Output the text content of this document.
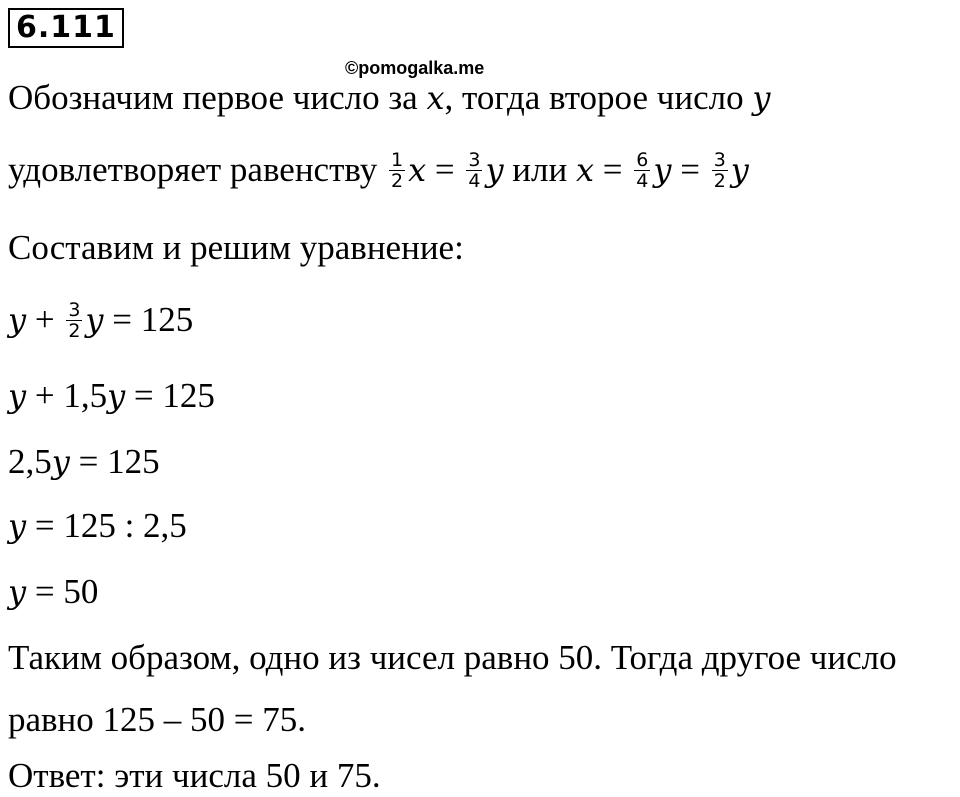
6.111
©pomogalka.me
Обозначим первое число за x, тогда второе число y
удовлетворяет равенству $\frac{1}{2}$ $x = \frac{3}{4}$ y или $x = \frac{6}{4}$ $y = \frac{3}{2}$ y
Составим и решим уравнение:
$y + \frac{3}{2}$ y = 125
y + 1,5y = 125
2,5y = 125
y = 125 : 2,5
y = 50
Таким образом, одно из чисел равно 50. Тогда другое число
равно 125 – 50 = 75.
Ответ: эти числа 50 и 75.
